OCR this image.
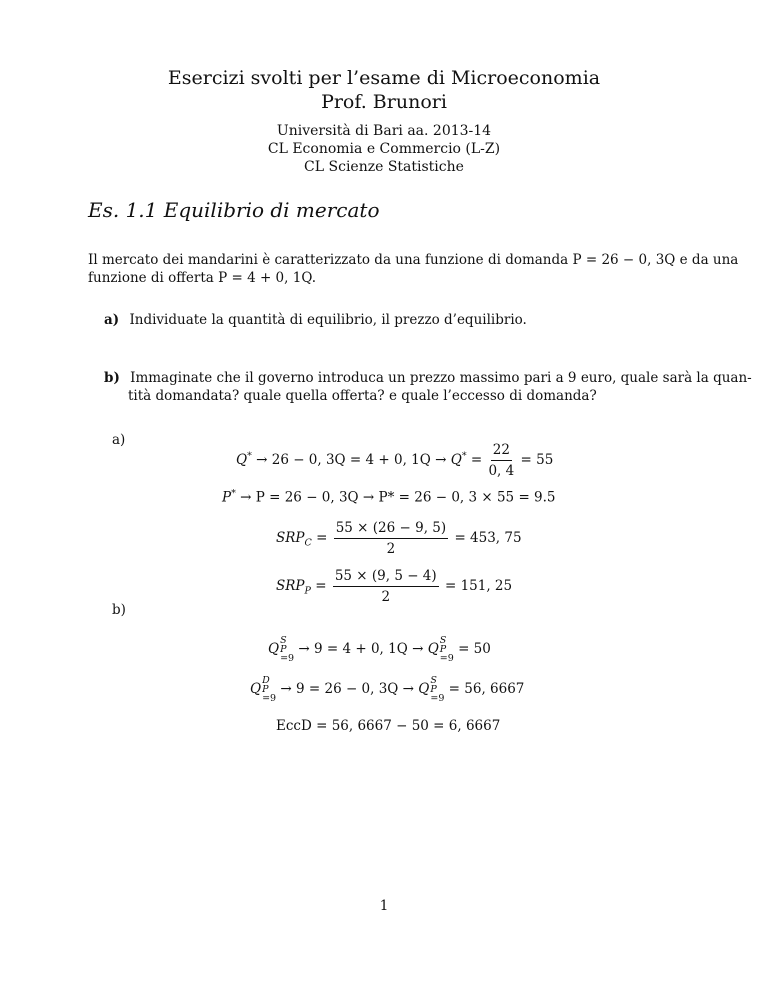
Esercizi svolti per l’esame di Microeconomia
Prof. Brunori
Università di Bari aa. 2013-14
CL Economia e Commercio (L-Z)
CL Scienze Statistiche
Es. 1.1 Equilibrio di mercato
Il mercato dei mandarini è caratterizzato da una funzione di domanda P = 26 − 0, 3Q e da una
funzione di offerta P = 4 + 0, 1Q.
a) Individuate la quantità di equilibrio, il prezzo d’equilibrio.
b) Immaginate che il governo introduca un prezzo massimo pari a 9 euro, quale sarà la quan-
tità domandata? quale quella offerta? e quale l’eccesso di domanda?
a)
Q* → 26 − 0, 3Q = 4 + 0, $1Q \to Q^* = \frac{22}{0, 4} = 55$
P* → P = 26 − 0, 3Q → P* = 26 − 0, 3 × 55 = 9.5
$SRP_C = \frac{55 \times (26 - 9, 5)}{2} = 453$, 75
$SRP_P = \frac{55 \times (9, 5 - 4)}{2} = 151$, 25
b)
Q
S
P
=9 → 9 = 4 + 0, 1Q → Q
S
P
=9 = 50
Q
D
P
=9 → 9 = 26 − 0, 3Q → Q
S
P
=9 = 56, 6667
EccD = 56, 6667 − 50 = 6, 6667
1
